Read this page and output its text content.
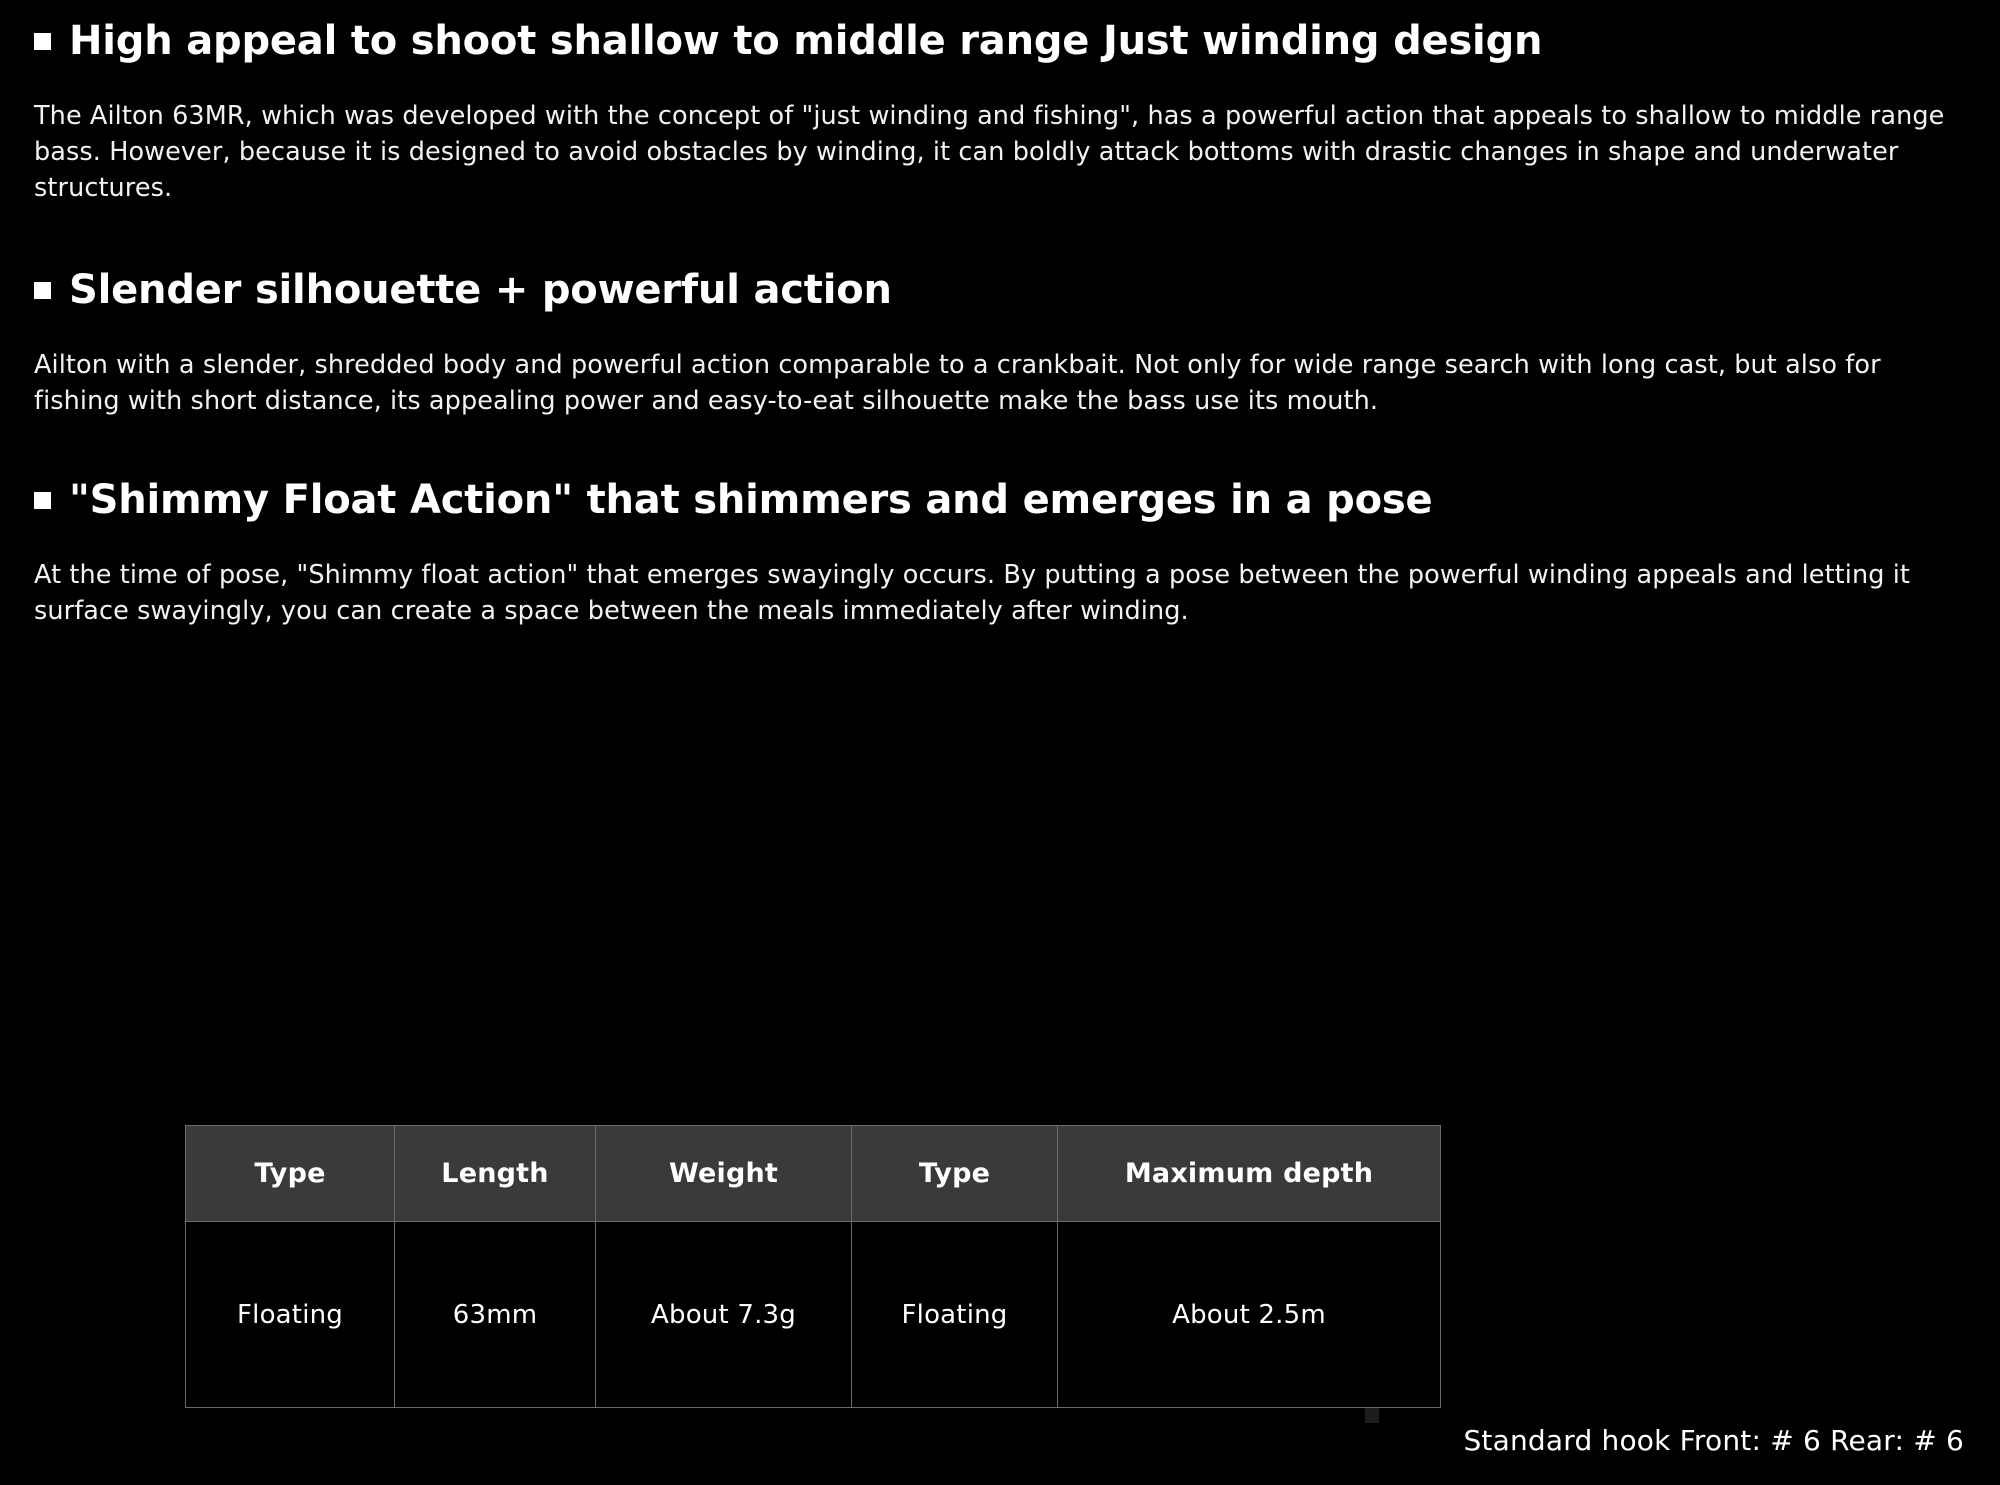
High appeal to shoot shallow to middle range Just winding design

The Ailton 63MR, which was developed with the concept of "just winding and fishing", has a powerful action that appeals to shallow to middle range bass. However, because it is designed to avoid obstacles by winding, it can boldly attack bottoms with drastic changes in shape and underwater structures.

Slender silhouette + powerful action

Ailton with a slender, shredded body and powerful action comparable to a crankbait. Not only for wide range search with long cast, but also for fishing with short distance, its appealing power and easy-to-eat silhouette make the bass use its mouth.

"Shimmy Float Action" that shimmers and emerges in a pose

At the time of pose, "Shimmy float action" that emerges swayingly occurs. By putting a pose between the powerful winding appeals and letting it surface swayingly, you can create a space between the meals immediately after winding.

Type	Length	Weight	Type	Maximum depth
Floating	63mm	About 7.3g	Floating	About 2.5m
Standard hook Front: # 6 Rear: # 6
